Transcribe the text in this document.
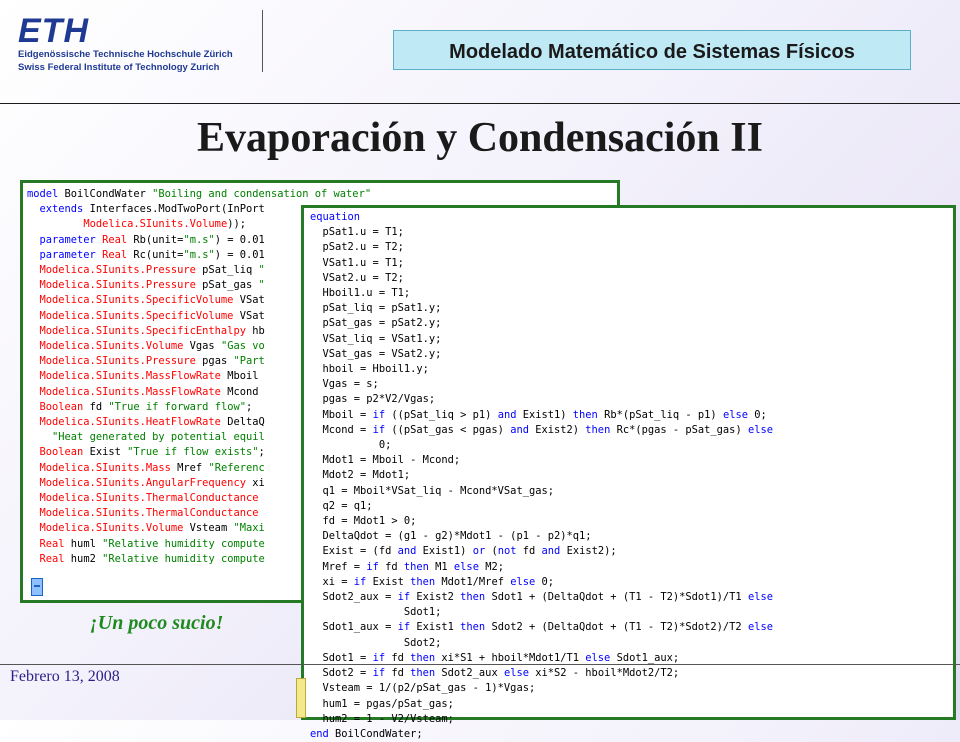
ETH
Eidgenössische Technische Hochschule Zürich
Swiss Federal Institute of Technology Zurich
Modelado Matemático de Sistemas Físicos
Evaporación y Condensación II
model BoilCondWater "Boiling and condensation of water"
extends Interfaces.ModTwoPort(InPort
Modelica.SIunits.Volume));
parameter Real Rb(unit="m.s") = 0.01
parameter Real Rc(unit="m.s") = 0.01
Modelica.SIunits.Pressure pSat_liq "
Modelica.SIunits.Pressure pSat_gas "
Modelica.SIunits.SpecificVolume VSat
Modelica.SIunits.SpecificVolume VSat
Modelica.SIunits.SpecificEnthalpy hb
Modelica.SIunits.Volume Vgas "Gas vo
Modelica.SIunits.Pressure pgas "Part
Modelica.SIunits.MassFlowRate Mboil
Modelica.SIunits.MassFlowRate Mcond
Boolean fd "True if forward flow";
Modelica.SIunits.HeatFlowRate DeltaQ
"Heat generated by potential equil
Boolean Exist "True if flow exists";
Modelica.SIunits.Mass Mref "Referenc
Modelica.SIunits.AngularFrequency xi
Modelica.SIunits.ThermalConductance
Modelica.SIunits.ThermalConductance
Modelica.SIunits.Volume Vsteam "Maxi
Real huml "Relative humidity compute
Real hum2 "Relative humidity compute
equation
pSat1.u = T1;
pSat2.u = T2;
VSat1.u = T1;
VSat2.u = T2;
Hboil1.u = T1;
pSat_liq = pSat1.y;
pSat_gas = pSat2.y;
VSat_liq = VSat1.y;
VSat_gas = VSat2.y;
hboil = Hboil1.y;
Vgas = s;
pgas = p2*V2/Vgas;
Mboil = if ((pSat_liq > p1) and Exist1) then Rb*(pSat_liq - p1) else 0;
Mcond = if ((pSat_gas < pgas) and Exist2) then Rc*(pgas - pSat_gas) else
0;
Mdot1 = Mboil - Mcond;
Mdot2 = Mdot1;
q1 = Mboil*VSat_liq - Mcond*VSat_gas;
q2 = q1;
fd = Mdot1 > 0;
DeltaQdot = (g1 - g2)*Mdot1 - (p1 - p2)*q1;
Exist = (fd and Exist1) or (not fd and Exist2);
Mref = if fd then M1 else M2;
xi = if Exist then Mdot1/Mref else 0;
Sdot2_aux = if Exist2 then Sdot1 + (DeltaQdot + (T1 - T2)*Sdot1)/T1 else
Sdot1;
Sdot1_aux = if Exist1 then Sdot2 + (DeltaQdot + (T1 - T2)*Sdot2)/T2 else
Sdot2;
Sdot1 = if fd then xi*S1 + hboil*Mdot1/T1 else Sdot1_aux;
Sdot2 = if fd then Sdot2_aux else xi*S2 - hboil*Mdot2/T2;
Vsteam = 1/(p2/pSat_gas - 1)*Vgas;
hum1 = pgas/pSat_gas;
hum2 = 1 - V2/Vsteam;
end BoilCondWater;
¡Un poco sucio!
Febrero 13, 2008
